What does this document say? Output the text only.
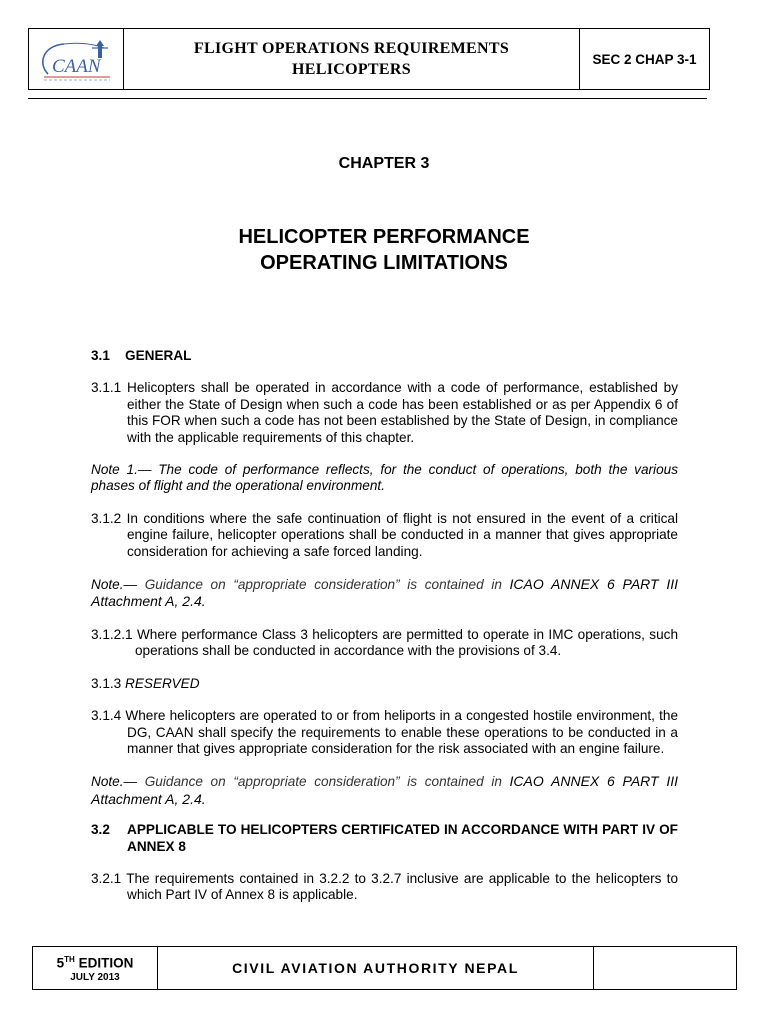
CAAN
FLIGHT OPERATIONS REQUIREMENTS
HELICOPTERS
SEC 2 CHAP 3-1
CHAPTER 3
HELICOPTER PERFORMANCE
OPERATING LIMITATIONS

3.1    GENERAL

3.1.1 Helicopters shall be operated in accordance with a code of performance, established by either the State of Design when such a code has been established or as per Appendix 6 of this FOR when such a code has not been established by the State of Design, in compliance with the applicable requirements of this chapter.

Note 1.— The code of performance reflects, for the conduct of operations, both the various phases of flight and the operational environment.

3.1.2 In conditions where the safe continuation of flight is not ensured in the event of a critical engine failure, helicopter operations shall be conducted in a manner that gives appropriate consideration for achieving a safe forced landing.

Note.— Guidance on “appropriate consideration” is contained in ICAO ANNEX 6 PART III Attachment A, 2.4.

3.1.2.1 Where performance Class 3 helicopters are permitted to operate in IMC operations, such operations shall be conducted in accordance with the provisions of 3.4.

3.1.3 RESERVED

3.1.4 Where helicopters are operated to or from heliports in a congested hostile environment, the DG, CAAN shall specify the requirements to enable these operations to be conducted in a manner that gives appropriate consideration for the risk associated with an engine failure.

Note.— Guidance on “appropriate consideration” is contained in ICAO ANNEX 6 PART III Attachment A, 2.4.

3.2 APPLICABLE TO HELICOPTERS CERTIFICATED IN ACCORDANCE WITH PART IV OF ANNEX 8

3.2.1 The requirements contained in 3.2.2 to 3.2.7 inclusive are applicable to the helicopters to which Part IV of Annex 8 is applicable.

5TH EDITION
JULY 2013
CIVIL AVIATION AUTHORITY NEPAL
